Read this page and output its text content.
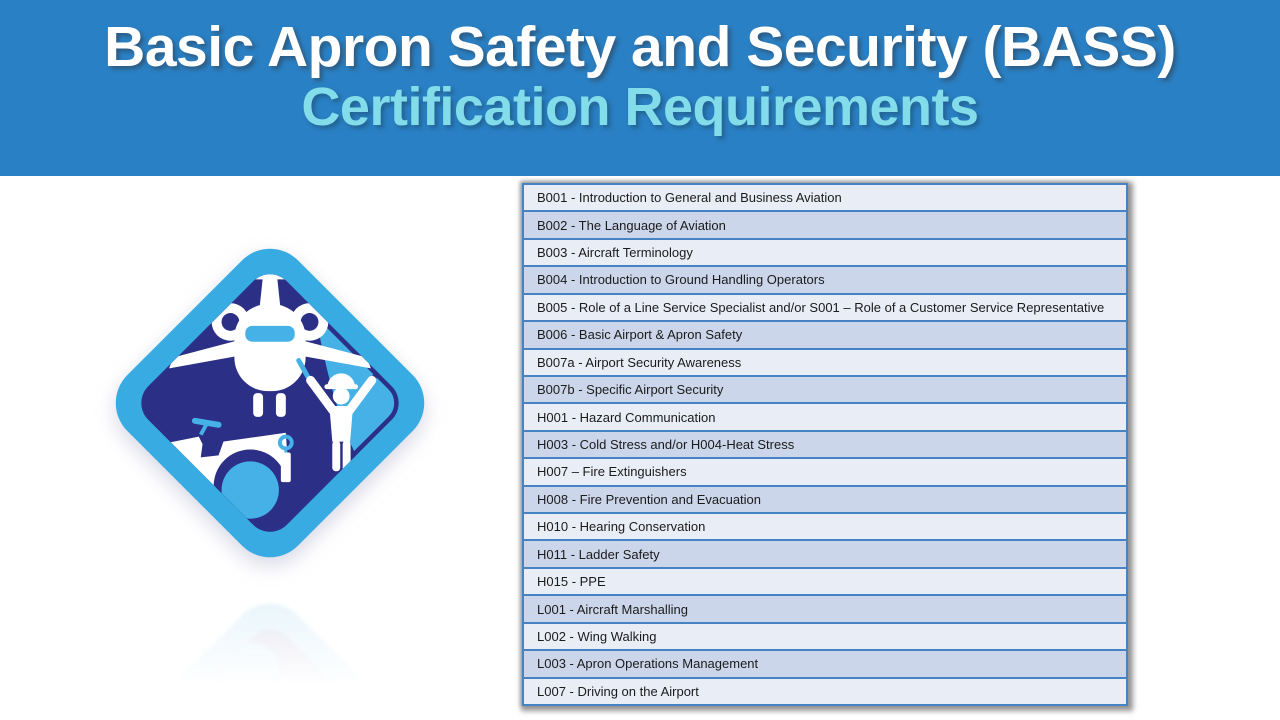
Basic Apron Safety and Security (BASS)
Certification Requirements
B001 - Introduction to General and Business Aviation
B002 - The Language of Aviation
B003 - Aircraft Terminology
B004 - Introduction to Ground Handling Operators
B005 - Role of a Line Service Specialist and/or S001 – Role of a Customer Service Representative
B006 - Basic Airport & Apron Safety
B007a - Airport Security Awareness
B007b - Specific Airport Security
H001 - Hazard Communication
H003 - Cold Stress and/or H004-Heat Stress
H007 – Fire Extinguishers
H008 - Fire Prevention and Evacuation
H010 - Hearing Conservation
H011 - Ladder Safety
H015 - PPE
L001 - Aircraft Marshalling
L002 - Wing Walking
L003 - Apron Operations Management
L007 - Driving on the Airport
